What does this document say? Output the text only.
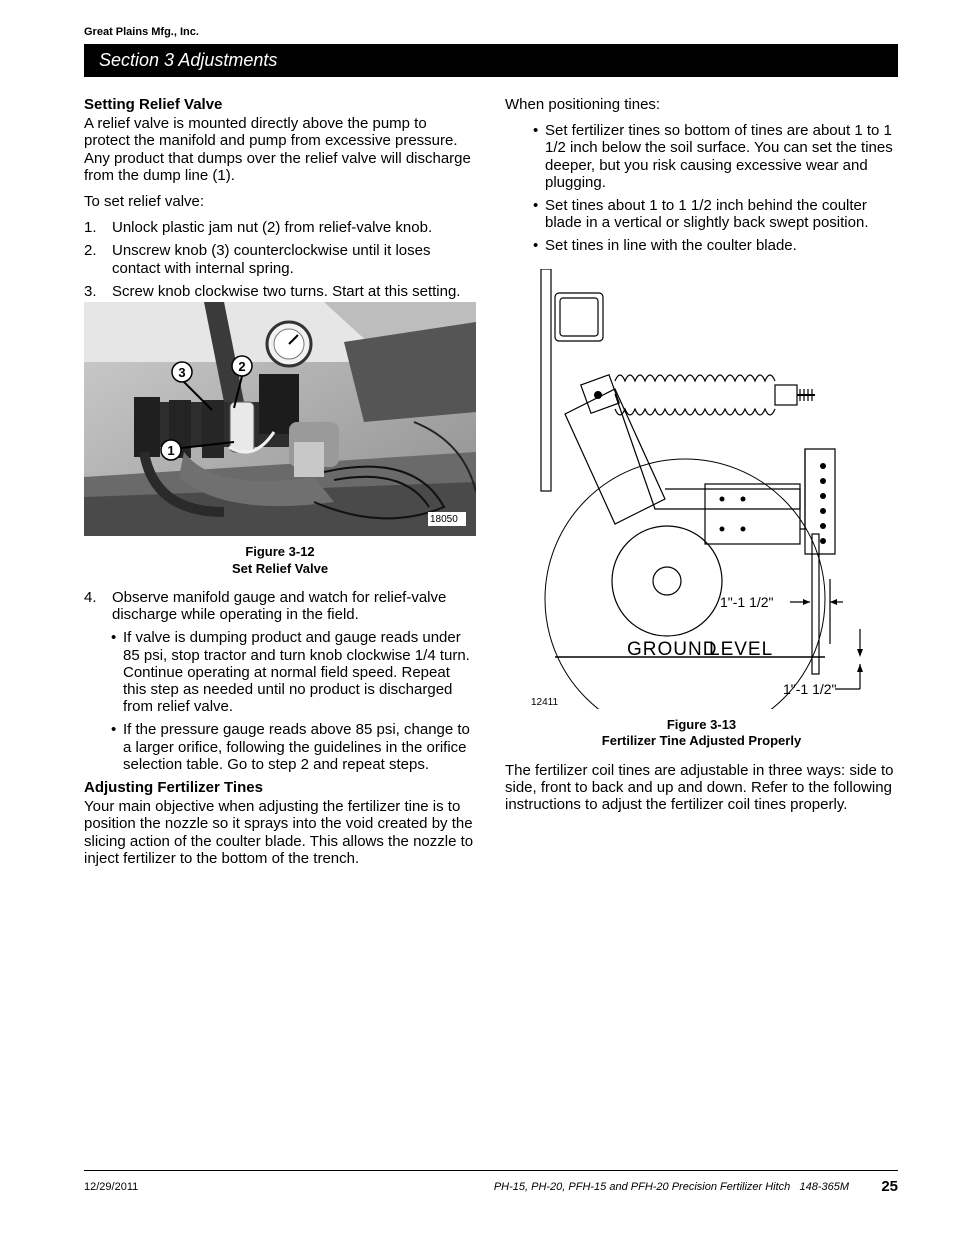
Great Plains Mfg., Inc.
Section 3 Adjustments
Setting Relief Valve

A relief valve is mounted directly above the pump to protect the manifold and pump from excessive pressure. Any product that dumps over the relief valve will discharge from the dump line (1).

To set relief valve:

1. Unlock plastic jam nut (2) from relief-valve knob.
2. Unscrew knob (3) counterclockwise until it loses contact with internal spring.
3. Screw knob clockwise two turns. Start at this setting.
3	2
1
18050
Figure 3-12
Set Relief Valve
4. Observe manifold gauge and watch for relief-valve discharge while operating in the field.
• If valve is dumping product and gauge reads under 85 psi, stop tractor and turn knob clockwise 1/4 turn. Continue operating at normal field speed. Repeat this step as needed until no product is discharged from relief valve.
• If the pressure gauge reads above 85 psi, change to a larger orifice, following the guidelines in the orifice selection table. Go to step 2 and repeat steps.
Adjusting Fertilizer Tines

Your main objective when adjusting the fertilizer tine is to position the nozzle so it sprays into the void created by the slicing action of the coulter blade. This allows the nozzle to inject fertilizer to the bottom of the trench.

When positioning tines:

• Set fertilizer tines so bottom of tines are about 1 to 1 1/2 inch below the soil surface. You can set the tines deeper, but you risk causing excessive wear and plugging.
• Set tines about 1 to 1 1/2 inch behind the coulter blade in a vertical or slightly back swept position.
• Set tines in line with the coulter blade.
1"-1 1/2"
GROUND
LEVEL
1"-1 1/2"
12411
Figure 3-13
Fertilizer Tine Adjusted Properly

The fertilizer coil tines are adjustable in three ways: side to side, front to back and up and down. Refer to the following instructions to adjust the fertilizer coil tines properly.

12/29/2011	PH-15, PH-20, PFH-15 and PFH-20 Precision Fertilizer Hitch   148-365M 25
